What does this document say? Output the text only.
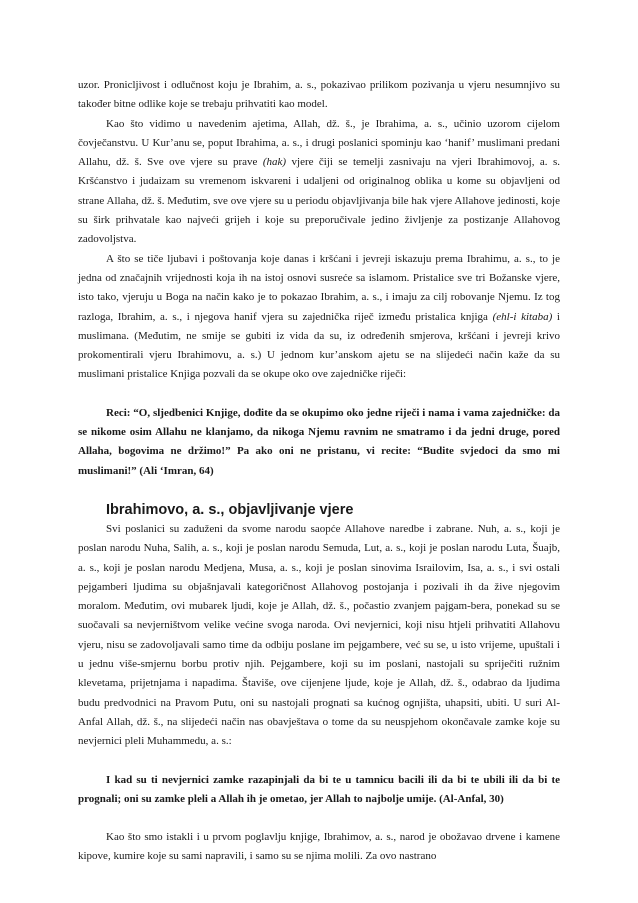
uzor. Pronicljivost i odlučnost koju je Ibrahim, a. s., pokazivao prilikom pozivanja u vjeru nesumnjivo su također bitne odlike koje se trebaju prihvatiti kao model.

Kao što vidimo u navedenim ajetima, Allah, dž. š., je Ibrahima, a. s., učinio uzorom cijelom čovječanstvu. U Kur’anu se, poput Ibrahima, a. s., i drugi poslanici spominju kao ‘hanif’ muslimani predani Allahu, dž. š. Sve ove vjere su prave (hak) vjere čiji se temelji zasnivaju na vjeri Ibrahimovoj, a. s. Kršćanstvo i judaizam su vremenom iskvareni i udaljeni od originalnog oblika u kome su objavljeni od strane Allaha, dž. š. Međutim, sve ove vjere su u periodu objavljivanja bile hak vjere Allahove jedinosti, koje su širk prihvatale kao najveći grijeh i koje su preporučivale jedino življenje za postizanje Allahovog zadovoljstva.

A što se tiče ljubavi i poštovanja koje danas i kršćani i jevreji iskazuju prema Ibrahimu, a. s., to je jedna od značajnih vrijednosti koja ih na istoj osnovi susreće sa islamom. Pristalice sve tri Božanske vjere, isto tako, vjeruju u Boga na način kako je to pokazao Ibrahim, a. s., i imaju za cilj robovanje Njemu. Iz tog razloga, Ibrahim, a. s., i njegova hanif vjera su zajednička riječ između pristalica knjiga (ehl-i kitaba) i muslimana. (Međutim, ne smije se gubiti iz vida da su, iz određenih smjerova, kršćani i jevreji krivo prokomentirali vjeru Ibrahimovu, a. s.) U jednom kur’anskom ajetu se na slijedeći način kaže da su muslimani pristalice Knjiga pozvali da se okupe oko ove zajedničke riječi:

Reci: “O, sljedbenici Knjige, dođite da se okupimo oko jedne riječi i nama i vama zajedničke: da se nikome osim Allahu ne klanjamo, da nikoga Njemu ravnim ne smatramo i da jedni druge, pored Allaha, bogovima ne držimo!” Pa ako oni ne pristanu, vi recite: “Budite svjedoci da smo mi muslimani!” (Ali ‘Imran, 64)

Ibrahimovo, a. s., objavljivanje vjere

Svi poslanici su zaduženi da svome narodu saopće Allahove naredbe i zabrane. Nuh, a. s., koji je poslan narodu Nuha, Salih, a. s., koji je poslan narodu Semuda, Lut, a. s., koji je poslan narodu Luta, Šuajb, a. s., koji je poslan narodu Medjena, Musa, a. s., koji je poslan sinovima Israilovim, Isa, a. s., i svi ostali pejgamberi ljudima su objašnjavali kategoričnost Allahovog postojanja i pozivali ih da žive njegovim moralom. Međutim, ovi mubarek ljudi, koje je Allah, dž. š., počastio zvanjem pajgam-bera, ponekad su se suočavali sa nevjerništvom velike većine svoga naroda. Ovi nevjernici, koji nisu htjeli prihvatiti Allahovu vjeru, nisu se zadovoljavali samo time da odbiju poslane im pejgambere, već su se, u isto vrijeme, upuštali i u jednu više-smjernu borbu protiv njih. Pejgambere, koji su im poslani, nastojali su spriječiti ružnim klevetama, prijetnjama i napadima. Štaviše, ove cijenjene ljude, koje je Allah, dž. š., odabrao da ljudima budu predvodnici na Pravom Putu, oni su nastojali prognati sa kućnog ognjišta, uhapsiti, ubiti. U suri Al-Anfal Allah, dž. š., na slijedeći način nas obavještava o tome da su neuspjehom okončavale zamke koje su nevjernici pleli Muhammedu, a. s.:

I kad su ti nevjernici zamke razapinjali da bi te u tamnicu bacili ili da bi te ubili ili da bi te prognali; oni su zamke pleli a Allah ih je ometao, jer Allah to najbolje umije. (Al-Anfal, 30)

Kao što smo istakli i u prvom poglavlju knjige, Ibrahimov, a. s., narod je obožavao drvene i kamene kipove, kumire koje su sami napravili, i samo su se njima molili. Za ovo nastrano
